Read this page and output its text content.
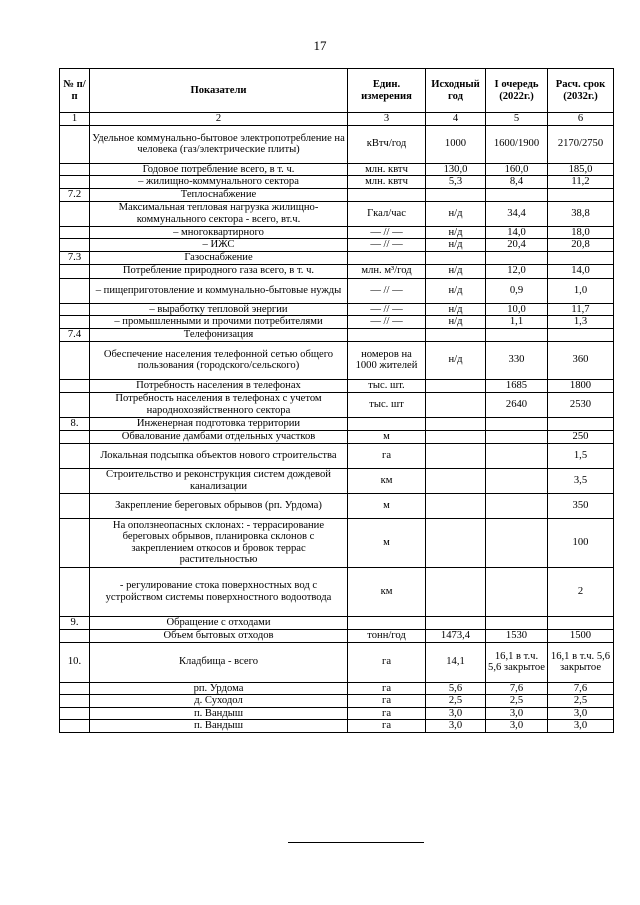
17
№ п/п	Показатели	Един. измерения	Исходный год	I очередь (2022г.)	Расч. срок (2032г.)
1	2	3	4	5	6
	Удельное коммунально-бытовое электропотребление на человека (газ/электрические плиты)	кВтч/год	1000	1600/1900	2170/2750
	Годовое потребление всего, в т. ч.	млн. квтч	130,0	160,0	185,0
	– жилищно-коммунального сектора	млн. квтч	5,3	8,4	11,2
7.2	Теплоснабжение				
	Максимальная тепловая нагрузка жилищно-коммунального сектора - всего, вт.ч.	Гкал/час	н/д	34,4	38,8
	– многоквартирного	— // —	н/д	14,0	18,0
	– ИЖС	— // —	н/д	20,4	20,8
7.3	Газоснабжение				
	Потребление природного газа всего, в т. ч.	млн. м³/год	н/д	12,0	14,0
	– пищеприготовление и коммунально-бытовые нужды	— // —	н/д	0,9	1,0
	– выработку тепловой энергии	— // —	н/д	10,0	11,7
	– промышленными и прочими потребителями	— // —	н/д	1,1	1,3
7.4	Телефонизация				
	Обеспечение населения телефонной сетью общего пользования (городского/сельского)	номеров на 1000 жителей	н/д	330	360
	Потребность населения в телефонах	тыс. шт.		1685	1800
	Потребность населения в телефонах с учетом народнохозяйственного сектора	тыс. шт		2640	2530
8.	Инженерная подготовка территории				
	Обвалование дамбами отдельных участков	м			250
	Локальная подсыпка объектов нового строительства	га			1,5
	Строительство и реконструкция систем дождевой канализации	км			3,5
	Закрепление береговых обрывов (рп. Урдома)	м			350
	На оползнеопасных склонах: - террасирование береговых обрывов, планировка склонов с закреплением откосов и бровок террас растительностью	м			100
	- регулирование стока поверхностных вод с устройством системы поверхностного водоотвода	км			2
9.	Обращение с отходами				
	Объем бытовых отходов	тонн/год	1473,4	1530	1500
10.	Кладбища - всего	га	14,1	16,1 в т.ч. 5,6 закрытое	16,1 в т.ч. 5,6 закрытое
	рп. Урдома	га	5,6	7,6	7,6
	д. Суходол	га	2,5	2,5	2,5
	п. Вандыш	га	3,0	3,0	3,0
	п. Вандыш	га	3,0	3,0	3,0
